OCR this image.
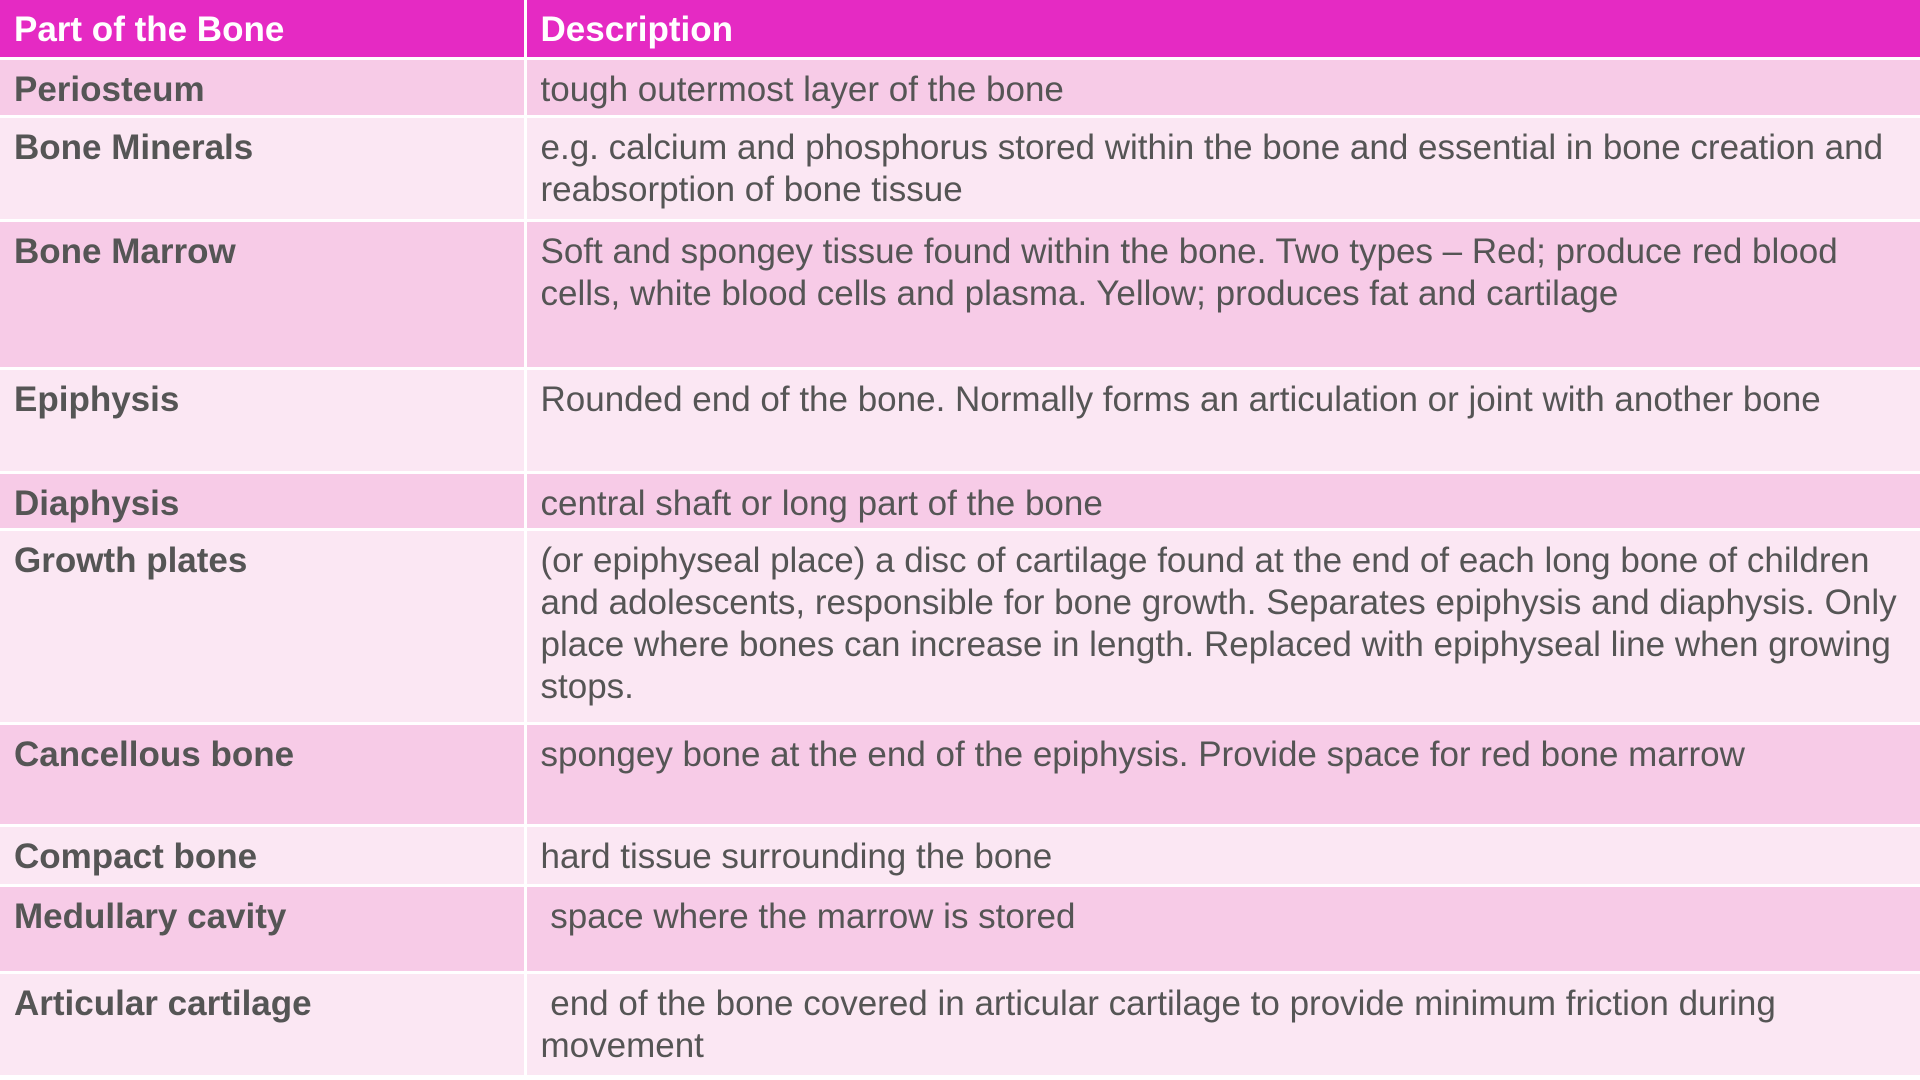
Part of the Bone	Description
Periosteum	tough outermost layer of the bone
Bone Minerals	e.g. calcium and phosphorus stored within the bone and essential in bone creation and reabsorption of bone tissue
Bone Marrow	Soft and spongey tissue found within the bone. Two types – Red; produce red blood cells, white blood cells and plasma. Yellow; produces fat and cartilage
Epiphysis	Rounded end of the bone. Normally forms an articulation or joint with another bone
Diaphysis	central shaft or long part of the bone
Growth plates	(or epiphyseal place) a disc of cartilage found at the end of each long bone of children and adolescents, responsible for bone growth. Separates epiphysis and diaphysis. Only place where bones can increase in length. Replaced with epiphyseal line when growing stops.
Cancellous bone	spongey bone at the end of the epiphysis. Provide space for red bone marrow
Compact bone	hard tissue surrounding the bone
Medullary cavity	space where the marrow is stored
Articular cartilage	end of the bone covered in articular cartilage to provide minimum friction during movement
